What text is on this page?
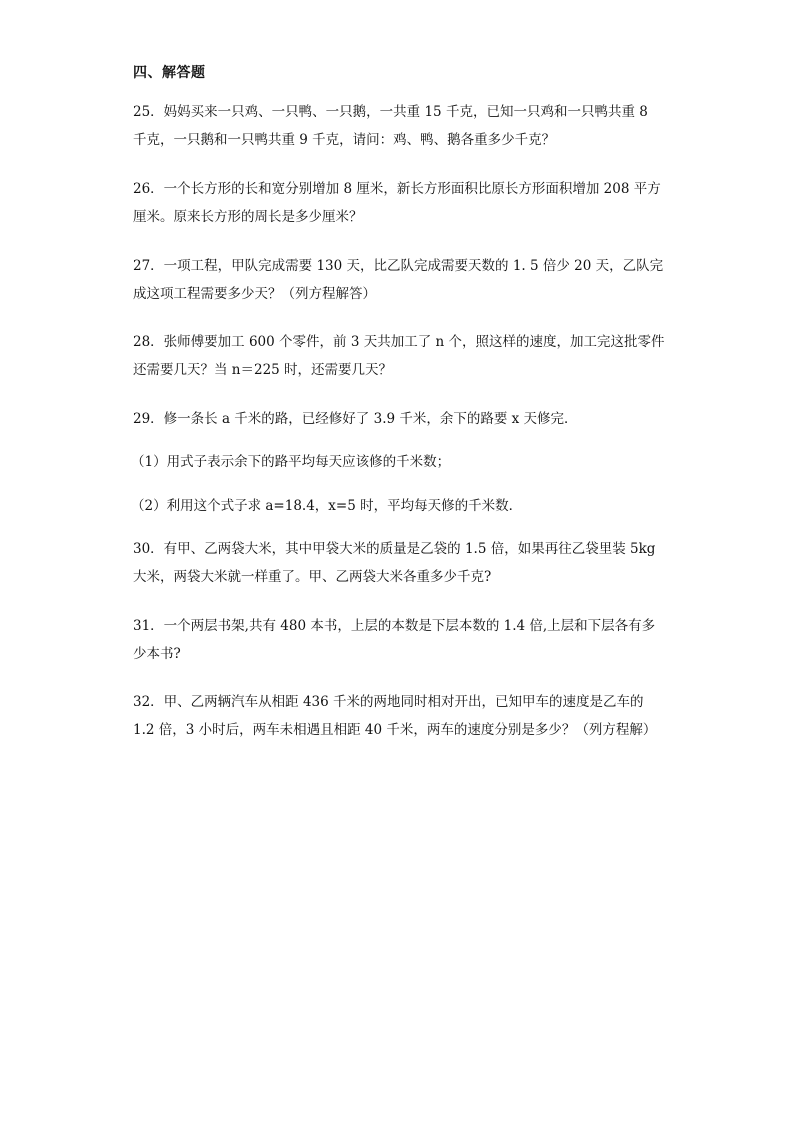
四、解答题
25．妈妈买来一只鸡、一只鸭、一只鹅，一共重 15 千克，已知一只鸡和一只鸭共重 8
千克，一只鹅和一只鸭共重 9 千克，请问：鸡、鸭、鹅各重多少千克？
26．一个长方形的长和宽分别增加 8 厘米，新长方形面积比原长方形面积增加 208 平方
厘米。原来长方形的周长是多少厘米？
27．一项工程，甲队完成需要 130 天，比乙队完成需要天数的 1. 5 倍少 20 天，乙队完
成这项工程需要多少天？（列方程解答）
28．张师傅要加工 600 个零件，前 3 天共加工了 n 个，照这样的速度，加工完这批零件
还需要几天？当 n＝225 时，还需要几天？
29．修一条长 a 千米的路，已经修好了 3.9 千米，余下的路要 x 天修完．
（1）用式子表示余下的路平均每天应该修的千米数；
（2）利用这个式子求 a=18.4，x=5 时，平均每天修的千米数．
30．有甲、乙两袋大米，其中甲袋大米的质量是乙袋的 1.5 倍，如果再往乙袋里装 5kg
大米，两袋大米就一样重了。甲、乙两袋大米各重多少千克?
31．一个两层书架,共有 480 本书，上层的本数是下层本数的 1.4 倍,上层和下层各有多
少本书?
32．甲、乙两辆汽车从相距 436 千米的两地同时相对开出，已知甲车的速度是乙车的
1.2 倍，3 小时后，两车未相遇且相距 40 千米，两车的速度分别是多少？（列方程解）
